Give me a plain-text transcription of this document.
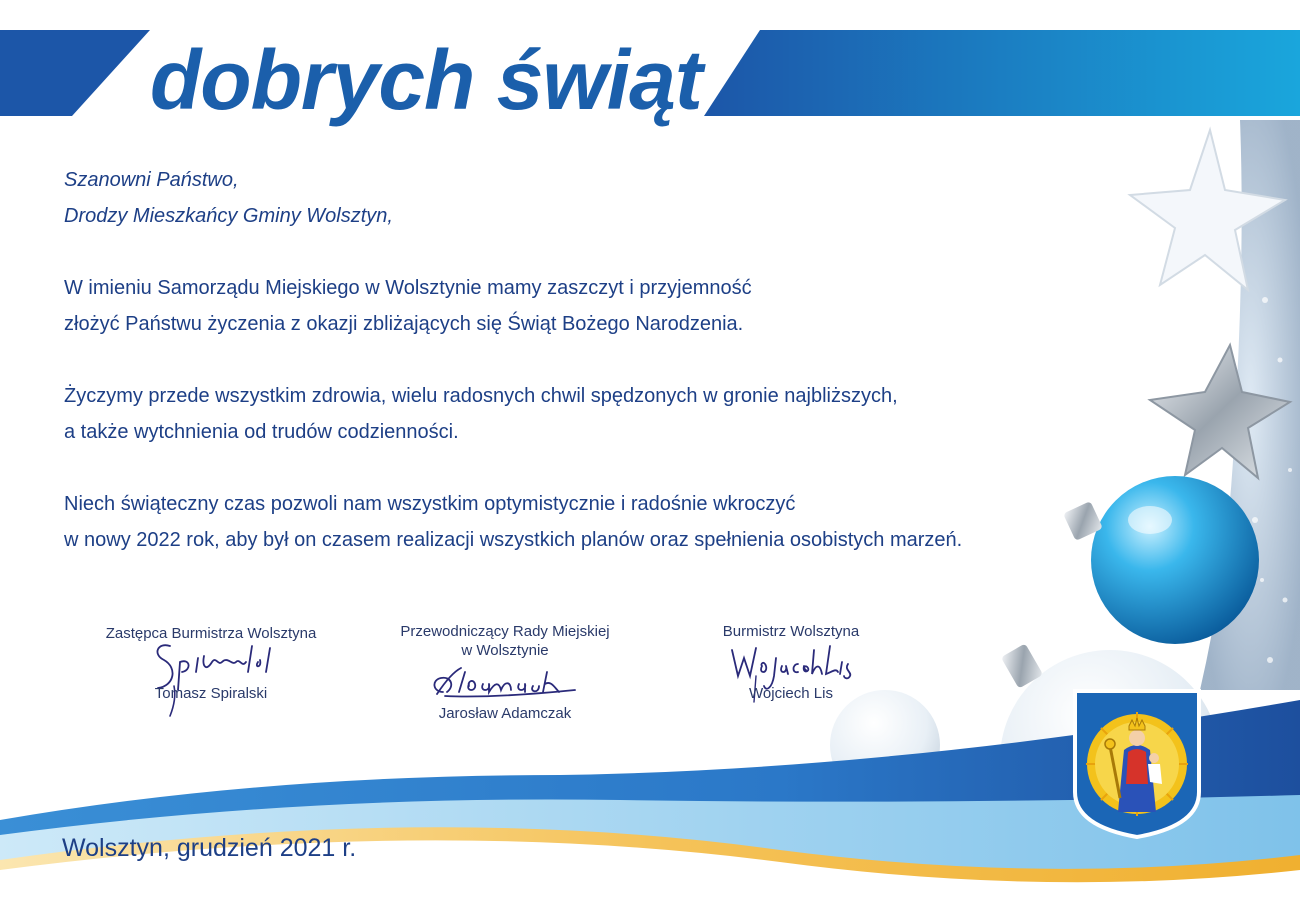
dobrych świąt

Szanowni Państwo,

Drodzy Mieszkańcy Gminy Wolsztyn,

W imieniu Samorządu Miejskiego w Wolsztynie mamy zaszczyt i przyjemność

złożyć Państwu życzenia z okazji zbliżających się Świąt Bożego Narodzenia.

Życzymy przede wszystkim zdrowia, wielu radosnych chwil spędzonych w gronie najbliższych,

a także wytchnienia od trudów codzienności.

Niech świąteczny czas pozwoli nam wszystkim optymistycznie i radośnie wkroczyć

w nowy 2022 rok, aby był on czasem realizacji wszystkich planów oraz spełnienia osobistych marzeń.

Zastępca Burmistrza Wolsztyna
Tomasz Spiralski
Przewodniczący Rady Miejskiej
w Wolsztynie
Jarosław Adamczak
Burmistrz Wolsztyna
Wojciech Lis
Wolsztyn, grudzień 2021 r.
